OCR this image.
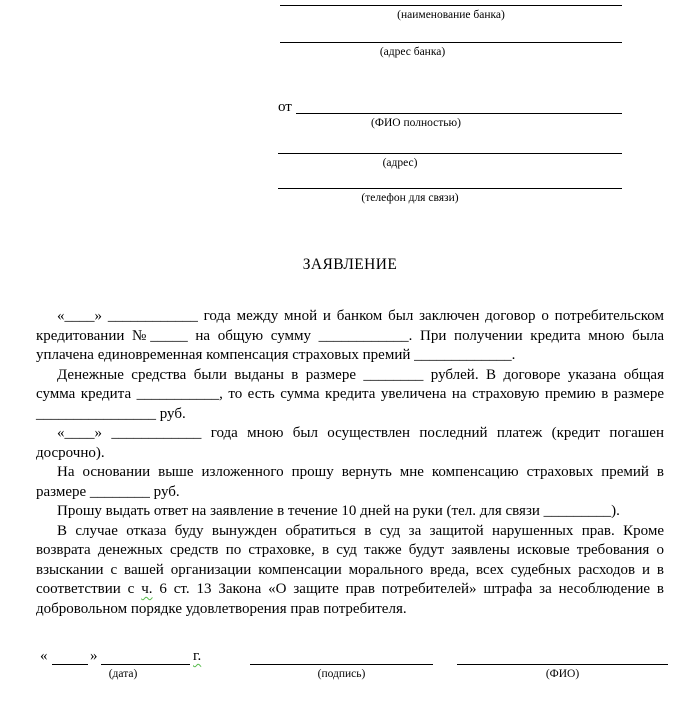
(наименование банка)
(адрес банка)
от
(ФИО полностью)
(адрес)
(телефон для связи)
ЗАЯВЛЕНИЕ

«____» ____________ года между мной и банком был заключен договор о потребительском кредитовании №_____ на общую сумму ____________. При получении кредита мною была уплачена единовременная компенсация страховых премий _____________.

Денежные средства были выданы в размере ________ рублей. В договоре указана общая сумма кредита ___________, то есть сумма кредита увеличена на страховую премию в размере ________________ руб.

«____» ____________ года мною был осуществлен последний платеж (кредит погашен досрочно).

На основании выше изложенного прошу вернуть мне компенсацию страховых премий в размере ________ руб.

Прошу выдать ответ на заявление в течение 10 дней на руки (тел. для связи _________).

В случае отказа буду вынужден обратиться в суд за защитой нарушенных прав. Кроме возврата денежных средств по страховке, в суд также будут заявлены исковые требования о взыскании с вашей организации компенсации морального вреда, всех судебных расходов и в соответствии с ч. 6 ст. 13 Закона «О защите прав потребителей» штрафа за несоблюдение в добровольном порядке удовлетворения прав потребителя.

«	»
(дата)
г.
(подпись)	(ФИО)
